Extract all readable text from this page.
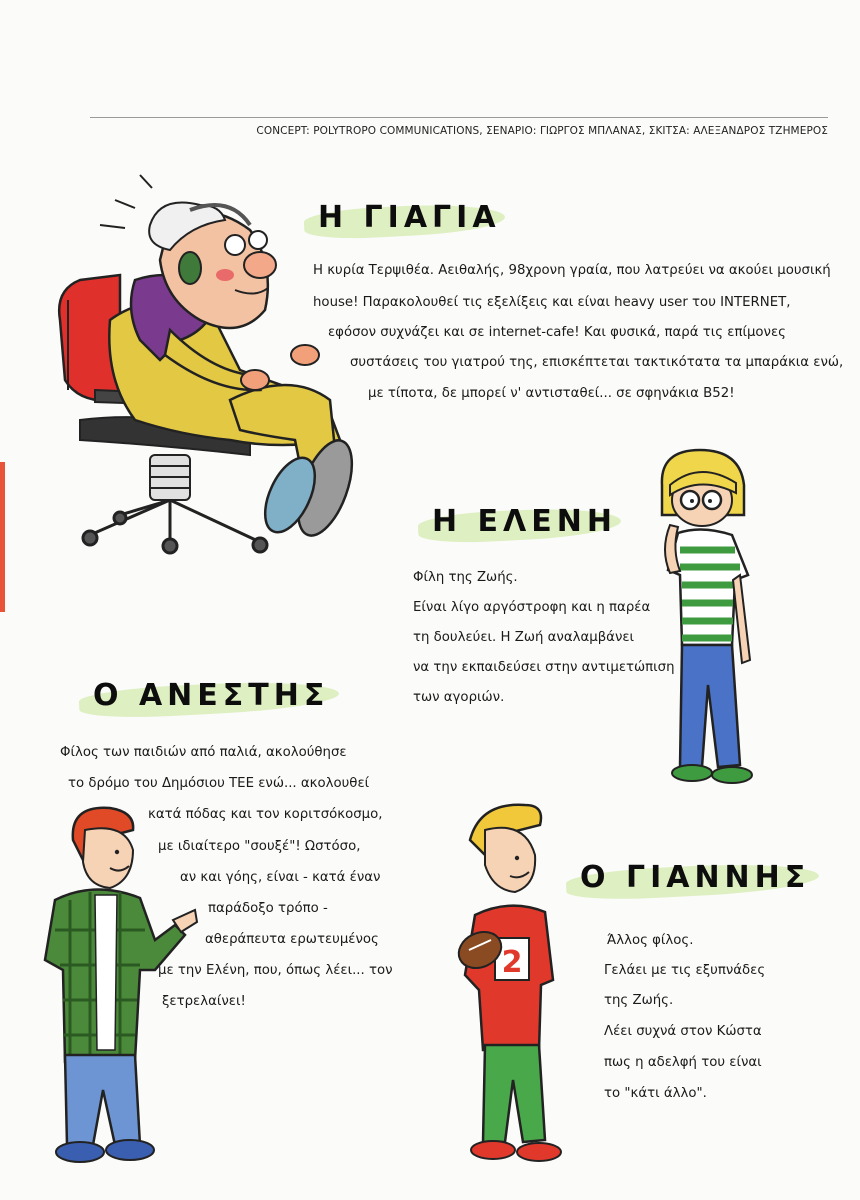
CONCEPT: POLYTROPO COMMUNICATIONS, ΣΕΝΑΡΙΟ: ΓΙΩΡΓΟΣ ΜΠΛΑΝΑΣ, ΣΚΙΤΣΑ: ΑΛΕΞΑΝΔΡΟΣ ΤΖΗΜΕΡΟΣ
Η ΓΙΑΓΙΑ
Η κυρία Τερψιθέα. Αειθαλής, 98χρονη γραία, που λατρεύει να ακούει μουσική
house! Παρακολουθεί τις εξελίξεις και είναι heavy user του INTERNET,
εφόσον συχνάζει και σε internet-cafe! Και φυσικά, παρά τις επίμονες
συστάσεις του γιατρού της, επισκέπτεται τακτικότατα τα μπαράκια ενώ,
με τίποτα, δε μπορεί ν' αντισταθεί... σε σφηνάκια B52!
Η ΕΛΕΝΗ
Φίλη της Ζωής.
Είναι λίγο αργόστροφη και η παρέα
τη δουλεύει. Η Ζωή αναλαμβάνει
να την εκπαιδεύσει στην αντιμετώπιση
των αγοριών.
Ο ΑΝΕΣΤΗΣ
Φίλος των παιδιών από παλιά, ακολούθησε
το δρόμο του Δημόσιου ΤΕΕ ενώ... ακολουθεί
κατά πόδας και τον κοριτσόκοσμο,
με ιδιαίτερο "σουξέ"! Ωστόσο,
αν και γόης, είναι - κατά έναν
παράδοξο τρόπο -
αθεράπευτα ερωτευμένος
με την Ελένη, που, όπως λέει... τον
ξετρελαίνει!
Ο ΓΙΑΝΝΗΣ
Άλλος φίλος.
Γελάει με τις εξυπνάδες
της Ζωής.
Λέει συχνά στον Κώστα
πως η αδελφή του είναι
το "κάτι άλλο".
2
